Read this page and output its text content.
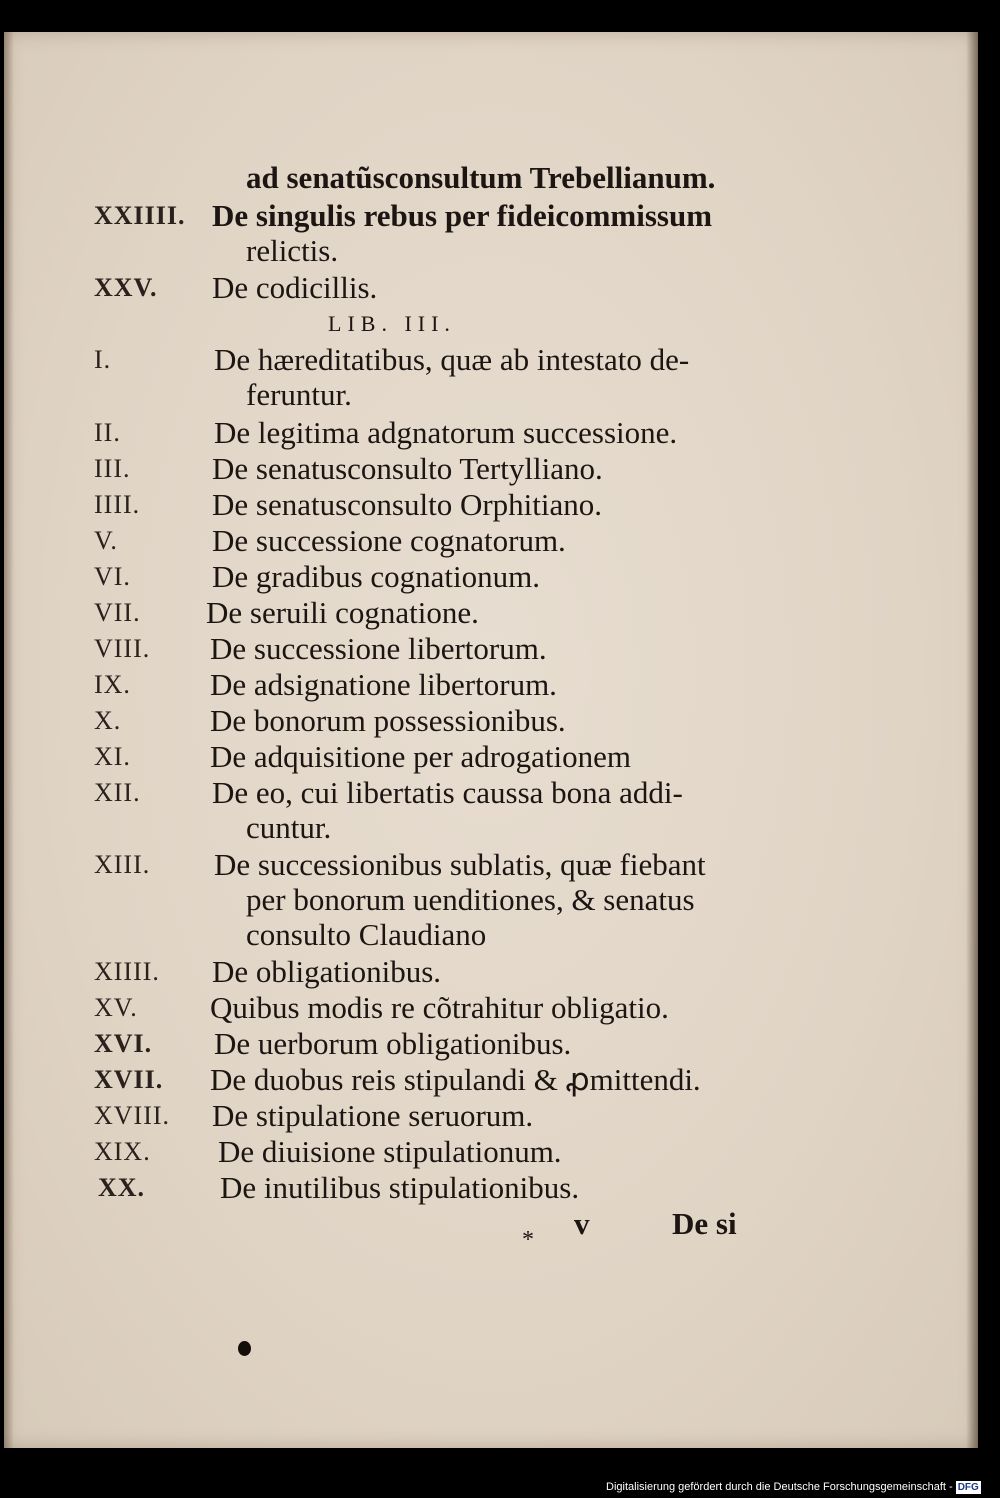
ad senatũsconsultum Trebellianum.
XXIIII. De singulis rebus per fideicommissum
relictis.
XXV. De codicillis.
LIB. III.
I.	De hæreditatibus, quæ ab intestato de-
feruntur.
II.	De legitima adgnatorum successione.
III.	De senatusconsulto Tertylliano.
IIII. De senatusconsulto Orphitiano.
V.	De successione cognatorum.
VI.	De gradibus cognationum.
VII. De seruili cognatione.
VIII. De successione libertorum.
IX.	De adsignatione libertorum.
X.	De bonorum possessionibus.
XI.	De adquisitione per adrogationem
XII. De eo, cui libertatis caussa bona addi-
cuntur.
XIII. De successionibus sublatis, quæ fiebant
per bonorum uenditiones, & senatus
consulto Claudiano
XIIII. De obligationibus.
XV. Quibus modis re cõtrahitur obligatio.
XVI. De uerborum obligationibus.
XVII. De duobus reis stipulandi & ꝓmittendi.
XVIII. De stipulatione seruorum.
XIX. De diuisione stipulationum.
XX. De inutilibus stipulationibus.
* v	De si
Digitalisierung gefördert durch die Deutsche Forschungsgemeinschaft - DFG
